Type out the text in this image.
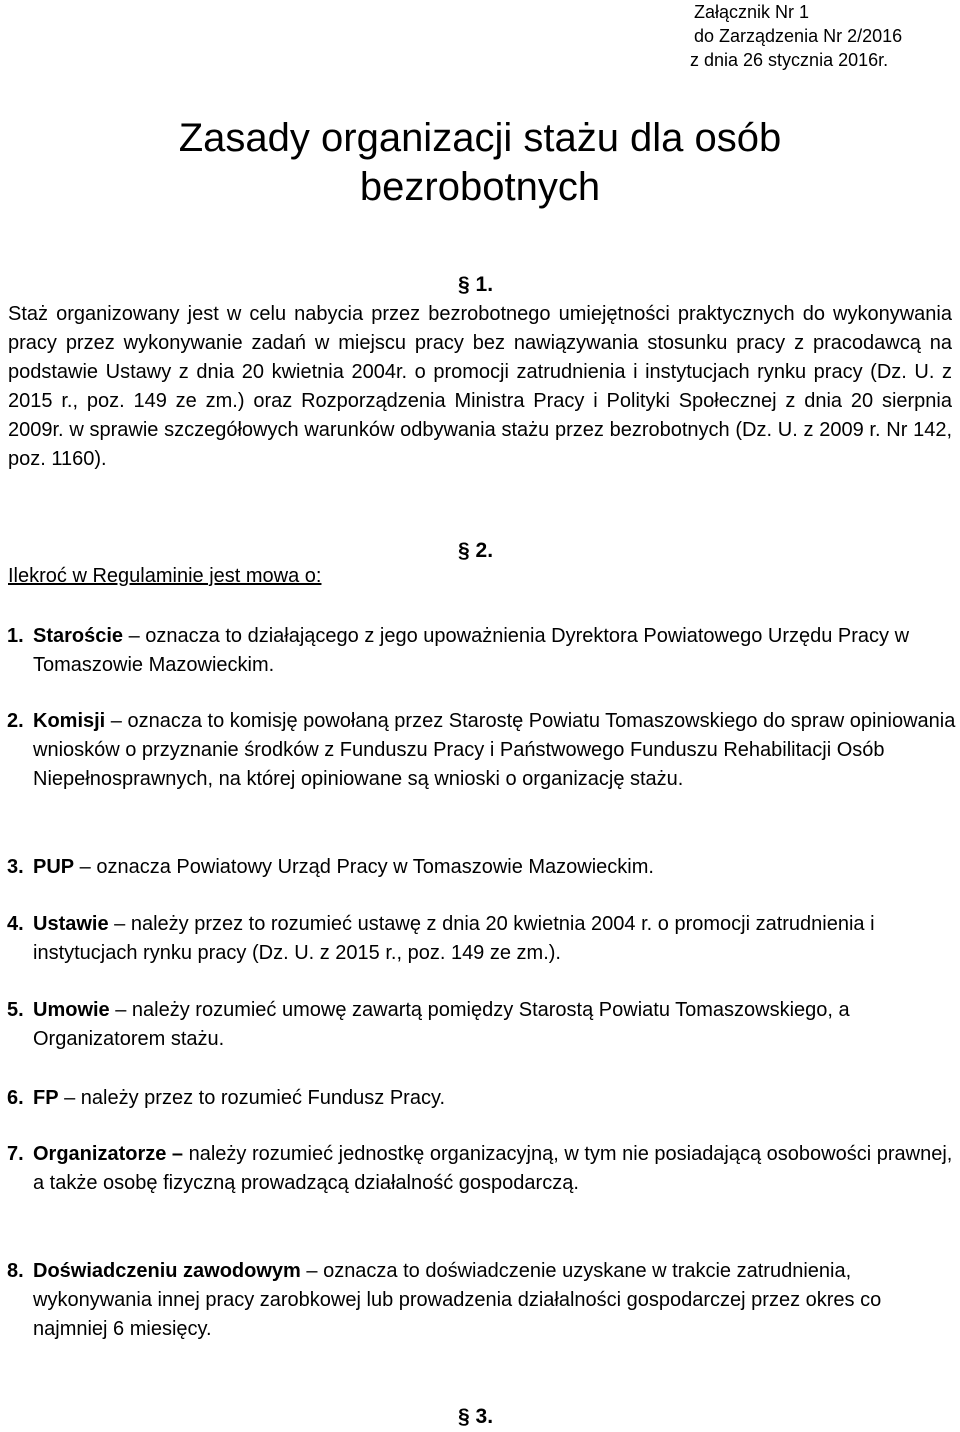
Załącznik Nr 1
do Zarządzenia Nr 2/2016
z dnia 26 stycznia 2016r.
Zasady organizacji stażu dla osób
bezrobotnych
§ 1.

Staż organizowany jest w celu nabycia przez bezrobotnego umiejętności praktycznych do wykonywania pracy przez wykonywanie zadań w miejscu pracy bez nawiązywania stosunku pracy z pracodawcą na podstawie Ustawy z dnia 20 kwietnia 2004r. o promocji zatrudnienia i instytucjach rynku pracy (Dz. U. z 2015 r., poz. 149 ze zm.) oraz Rozporządzenia Ministra Pracy i Polityki Społecznej z dnia 20 sierpnia 2009r. w sprawie szczegółowych warunków odbywania stażu przez bezrobotnych (Dz. U. z 2009 r. Nr 142, poz. 1160).

§ 2.
Ilekroć w Regulaminie jest mowa o:
1. Staroście – oznacza to działającego z jego upoważnienia Dyrektora Powiatowego Urzędu Pracy w Tomaszowie Mazowieckim.
2. Komisji – oznacza to komisję powołaną przez Starostę Powiatu Tomaszowskiego do spraw opiniowania wniosków o przyznanie środków z Funduszu Pracy i Państwowego Funduszu Rehabilitacji Osób Niepełnosprawnych, na której opiniowane są wnioski o organizację stażu.
3. PUP – oznacza Powiatowy Urząd Pracy w Tomaszowie Mazowieckim.
4. Ustawie – należy przez to rozumieć ustawę z dnia 20 kwietnia 2004 r. o promocji zatrudnienia i instytucjach rynku pracy (Dz. U. z 2015 r., poz. 149 ze zm.).
5. Umowie – należy rozumieć umowę zawartą pomiędzy Starostą Powiatu Tomaszowskiego, a Organizatorem stażu.
6. FP – należy przez to rozumieć Fundusz Pracy.
7. Organizatorze – należy rozumieć jednostkę organizacyjną, w tym nie posiadającą osobowości prawnej, a także osobę fizyczną prowadzącą działalność gospodarczą.
8. Doświadczeniu zawodowym – oznacza to doświadczenie uzyskane w trakcie zatrudnienia, wykonywania innej pracy zarobkowej lub prowadzenia działalności gospodarczej przez okres co najmniej 6 miesięcy.
§ 3.
